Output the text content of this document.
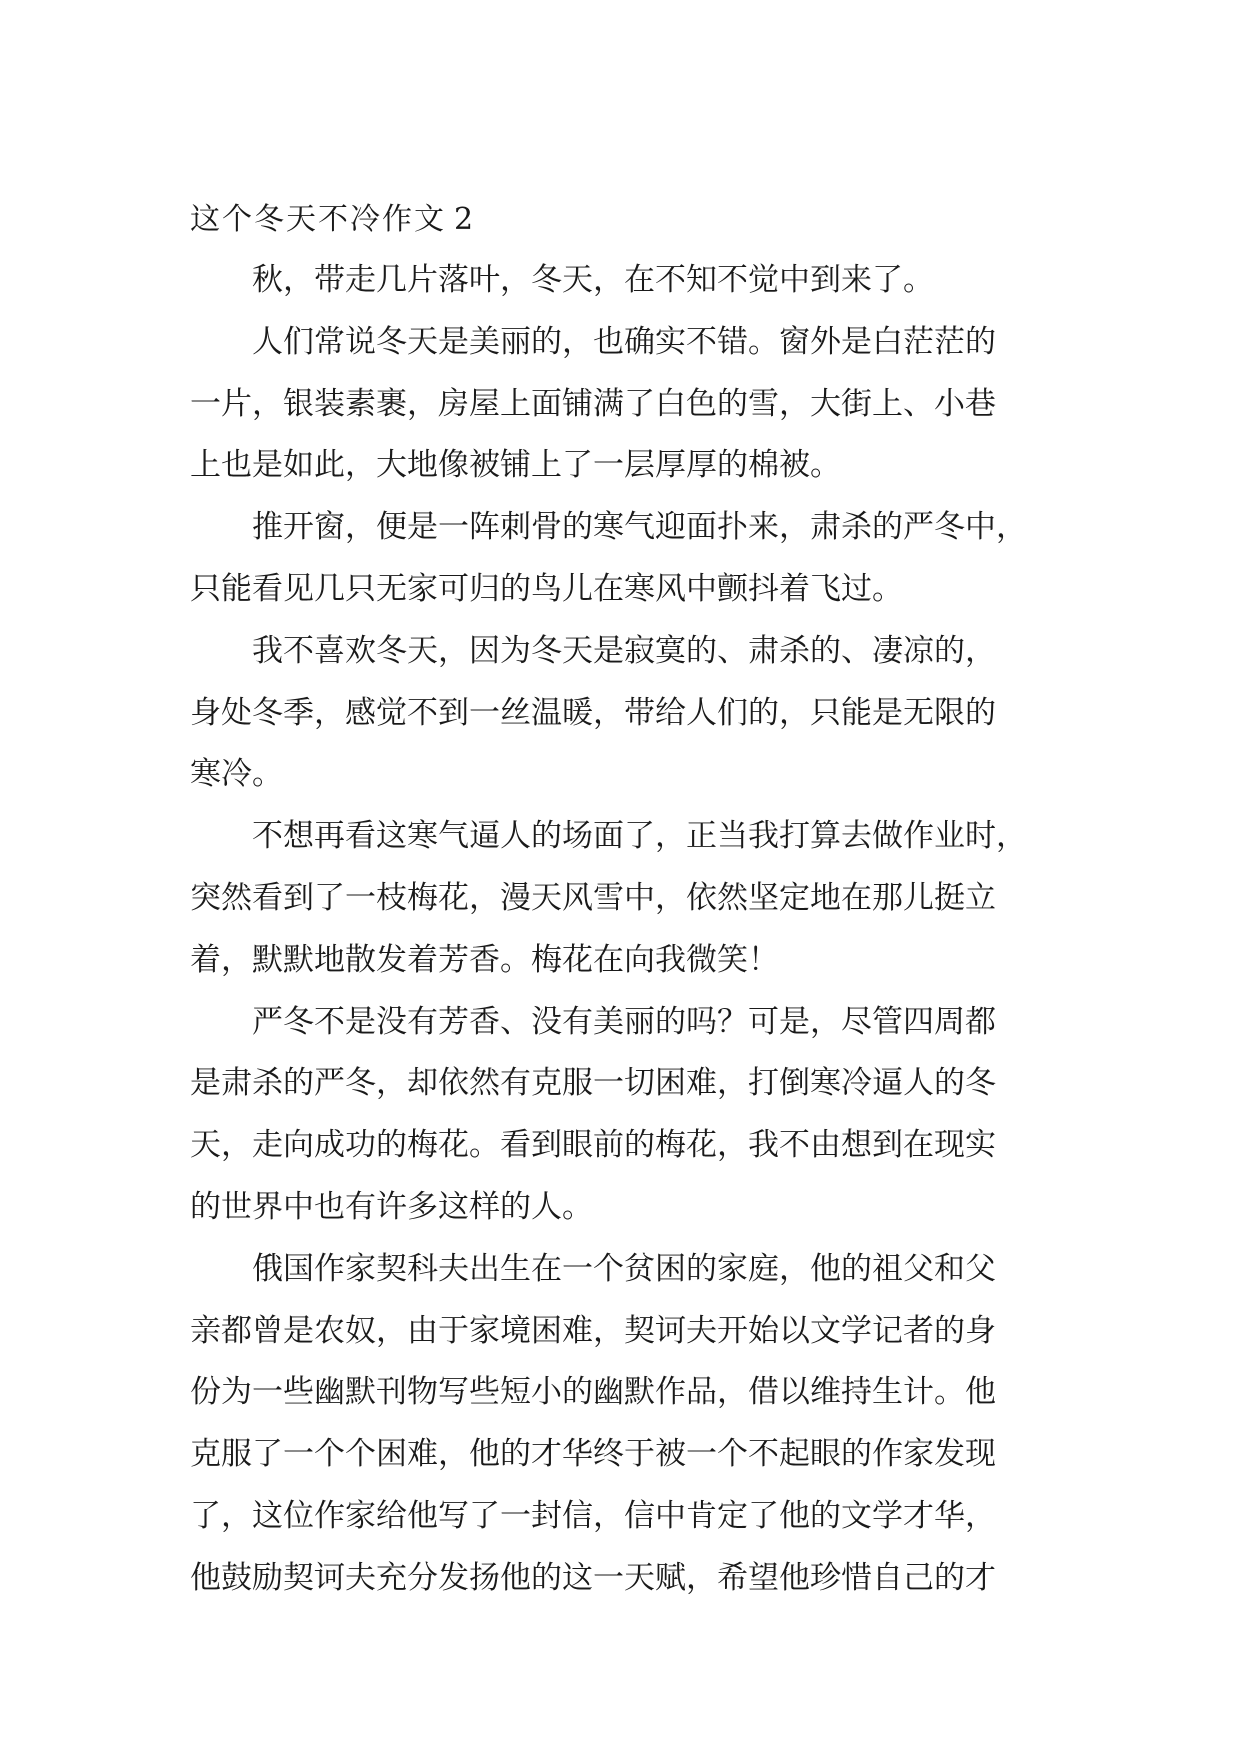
这个冬天不冷作文 2
秋，带走几片落叶，冬天，在不知不觉中到来了。
人们常说冬天是美丽的，也确实不错。窗外是白茫茫的
一片，银装素裹，房屋上面铺满了白色的雪，大街上、小巷
上也是如此，大地像被铺上了一层厚厚的棉被。
推开窗，便是一阵刺骨的寒气迎面扑来，肃杀的严冬中，
只能看见几只无家可归的鸟儿在寒风中颤抖着飞过。
我不喜欢冬天，因为冬天是寂寞的、肃杀的、凄凉的，
身处冬季，感觉不到一丝温暖，带给人们的，只能是无限的
寒冷。
不想再看这寒气逼人的场面了，正当我打算去做作业时，
突然看到了一枝梅花，漫天风雪中，依然坚定地在那儿挺立
着，默默地散发着芳香。梅花在向我微笑！
严冬不是没有芳香、没有美丽的吗？可是，尽管四周都
是肃杀的严冬，却依然有克服一切困难，打倒寒冷逼人的冬
天，走向成功的梅花。看到眼前的梅花，我不由想到在现实
的世界中也有许多这样的人。
俄国作家契科夫出生在一个贫困的家庭，他的祖父和父
亲都曾是农奴，由于家境困难，契诃夫开始以文学记者的身
份为一些幽默刊物写些短小的幽默作品，借以维持生计。他
克服了一个个困难，他的才华终于被一个不起眼的作家发现
了，这位作家给他写了一封信，信中肯定了他的文学才华，
他鼓励契诃夫充分发扬他的这一天赋，希望他珍惜自己的才
